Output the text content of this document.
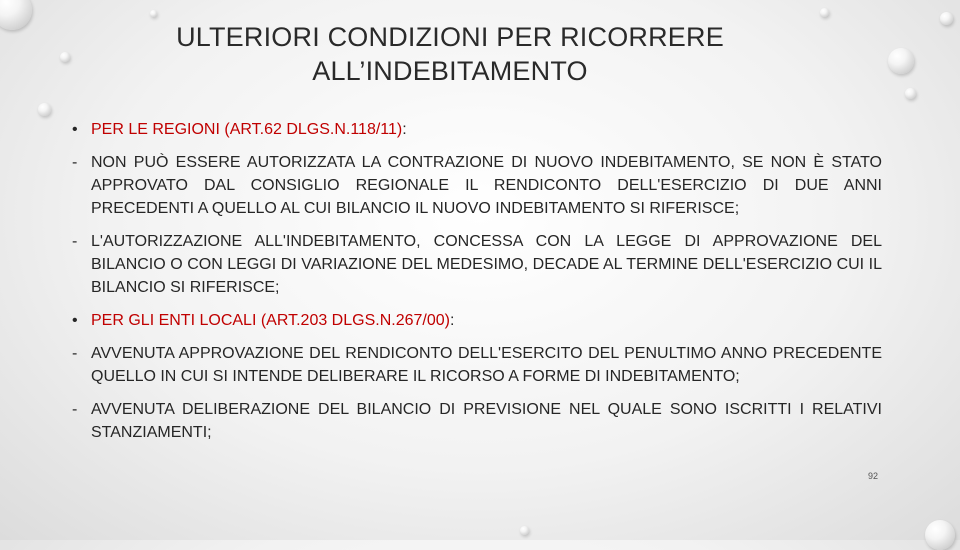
ULTERIORI CONDIZIONI PER RICORRERE
ALL’INDEBITAMENTO
• PER LE REGIONI (ART.62 DLGS.N.118/11):
- NON PUÒ ESSERE AUTORIZZATA LA CONTRAZIONE DI NUOVO INDEBITAMENTO, SE NON È STATO APPROVATO DAL CONSIGLIO REGIONALE IL RENDICONTO DELL'ESERCIZIO DI DUE ANNI PRECEDENTI A QUELLO AL CUI BILANCIO IL NUOVO INDEBITAMENTO SI RIFERISCE;
- L'AUTORIZZAZIONE ALL'INDEBITAMENTO, CONCESSA CON LA LEGGE DI APPROVAZIONE DEL BILANCIO O CON LEGGI DI VARIAZIONE DEL MEDESIMO, DECADE AL TERMINE DELL'ESERCIZIO CUI IL BILANCIO SI RIFERISCE;
• PER GLI ENTI LOCALI (ART.203 DLGS.N.267/00):
- AVVENUTA APPROVAZIONE DEL RENDICONTO DELL'ESERCITO DEL PENULTIMO ANNO PRECEDENTE QUELLO IN CUI SI INTENDE DELIBERARE IL RICORSO A FORME DI INDEBITAMENTO;
- AVVENUTA DELIBERAZIONE DEL BILANCIO DI PREVISIONE NEL QUALE SONO ISCRITTI I RELATIVI STANZIAMENTI;
92
